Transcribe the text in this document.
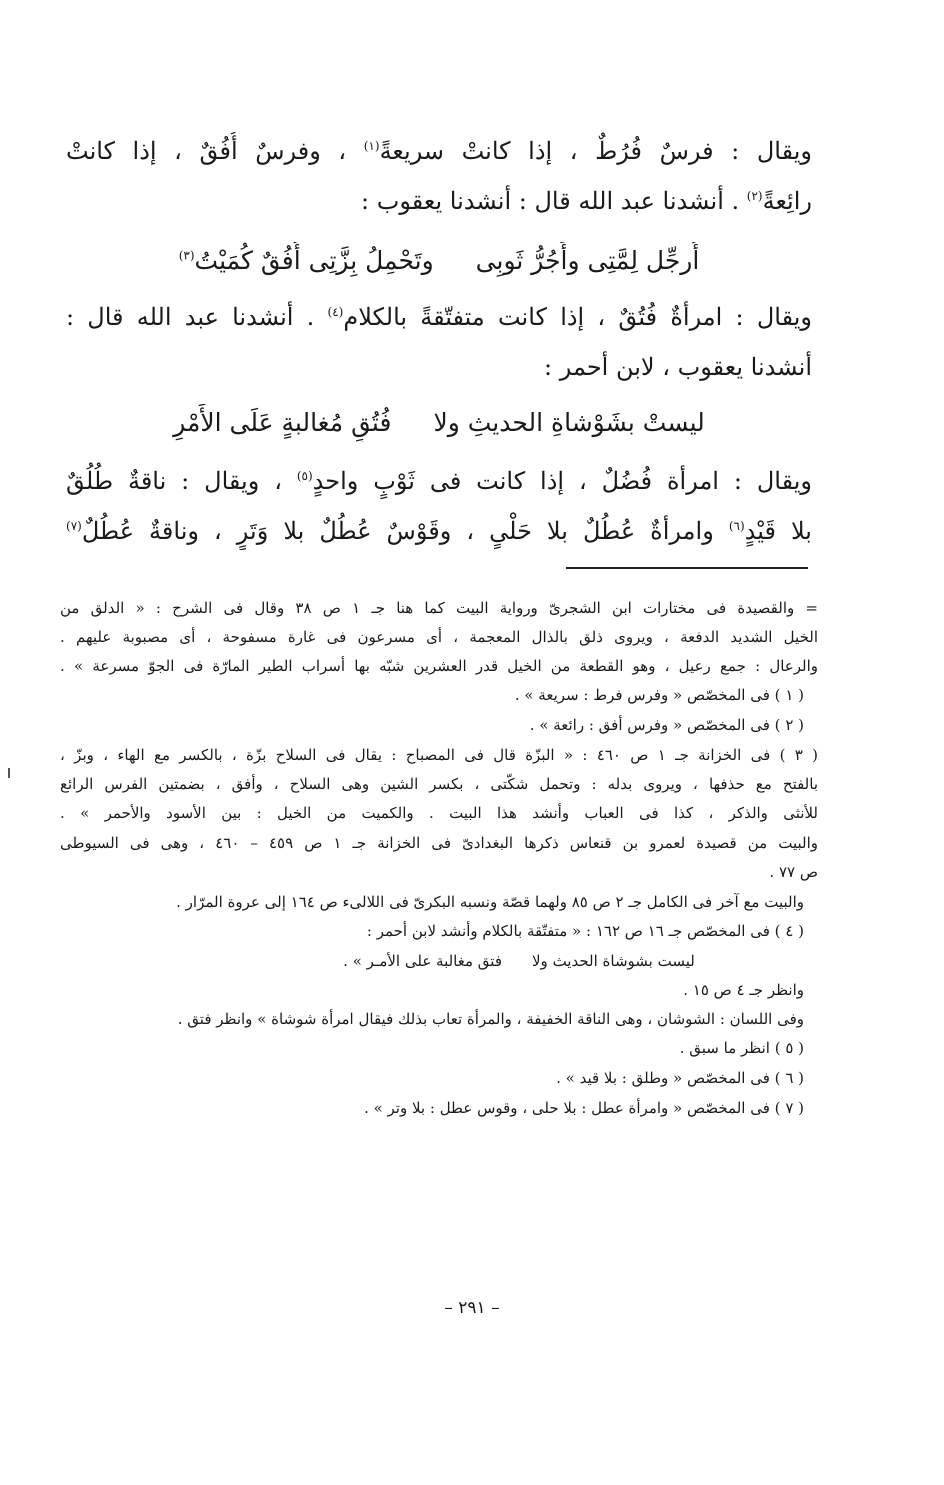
ويقال : فرسٌ فُرُطٌ ، إذا كانتْ سريعةً$^{(١)}$ ، وفرسٌ أُفُقٌ ، إذا كانتْ
رائِعةً$^{(٢)}$ . أنشدنا عبد الله قال : أنشدنا يعقوب :
أُرجِّل لِمَّتِى وأَجُرُّ ثَوبِىوتَحْمِلُ بِزَّتِى أُفُقٌ كُمَيْتُ$^{(٣)}$
ويقال : امرأةٌ فُتُقٌ ، إذا كانت متفتّقةً بالكلام$^{(٤)}$ . أنشدنا عبد الله قال :
أنشدنا يعقوب ، لابن أحمر :
ليستْ بشَوْشاةِ الحديثِ ولافُتُقٍ مُغالبةٍ عَلَى الأَمْرِ
ويقال : امرأة فُضُلٌ ، إذا كانت فى ثَوْبٍ واحدٍ$^{(٥)}$ ، ويقال : ناقةٌ طُلُقٌ
بلا قَيْدٍ$^{(٦)}$ وامرأةٌ عُطُلٌ بلا حَلْىٍ ، وقَوْسٌ عُطُلٌ بلا وَتَرٍ ، وناقةٌ عُطُلٌ$^{(٧)}$
= والقصيدة فى مختارات ابن الشجرىّ ورواية البيت كما هنا جـ ١ ص ٣٨ وقال فى الشرح : « الدلق من
الخيل الشديد الدفعة ، ويروى ذلق بالذال المعجمة ، أى مسرعون فى غارة مسفوحة ، أى مصبوبة عليهم .
والرعال : جمع رعيل ، وهو القطعة من الخيل قدر العشرين شبّه بها أسراب الطير المارّة فى الجوّ مسرعة » .
( ١ ) فى المخصّص « وفرس فرط : سريعة » .
( ٢ ) فى المخصّص « وفرس أفق : رائعة » .
( ٣ ) فى الخزانة جـ ١ ص ٤٦٠ : « البزّة قال فى المصباح : يقال فى السلاح بزّة ، بالكسر مع الهاء ، وبزّ ،
بالفتح مع حذفها ، ويروى بدله : وتحمل شكّتى ، بكسر الشين وهى السلاح ، وأفق ، بضمتين الفرس الرائع
للأنثى والذكر ، كذا فى العباب وأنشد هذا البيت . والكميت من الخيل : بين الأسود والأحمر » .
والبيت من قصيدة لعمرو بن قنعاس ذكرها البغدادىّ فى الخزانة جـ ١ ص ٤٥٩ – ٤٦٠ ، وهى فى السيوطى
ص ٧٧ .
والبيت مع آخر فى الكامل جـ ٢ ص ٨٥ ولهما قصّة ونسبه البكرىّ فى اللالىء ص ١٦٤ إلى عروة المرّار .
( ٤ ) فى المخصّص جـ ١٦ ص ١٦٢ : « متفتّقة بالكلام وأنشد لابن أحمر :
ليست بشوشاة الحديث ولافتق مغالبة على الأمـر » .
وانظر جـ ٤ ص ١٥ .
وفى اللسان : الشوشان ، وهى الناقة الخفيفة ، والمرأة تعاب بذلك فيقال امرأة شوشاة » وانظر فتق .
( ٥ ) انظر ما سبق .
( ٦ ) فى المخصّص « وطلق : بلا قيد » .
( ٧ ) فى المخصّص « وامرأة عطل : بلا حلى ، وقوس عطل : بلا وتر » .
– ٢٩١ –
